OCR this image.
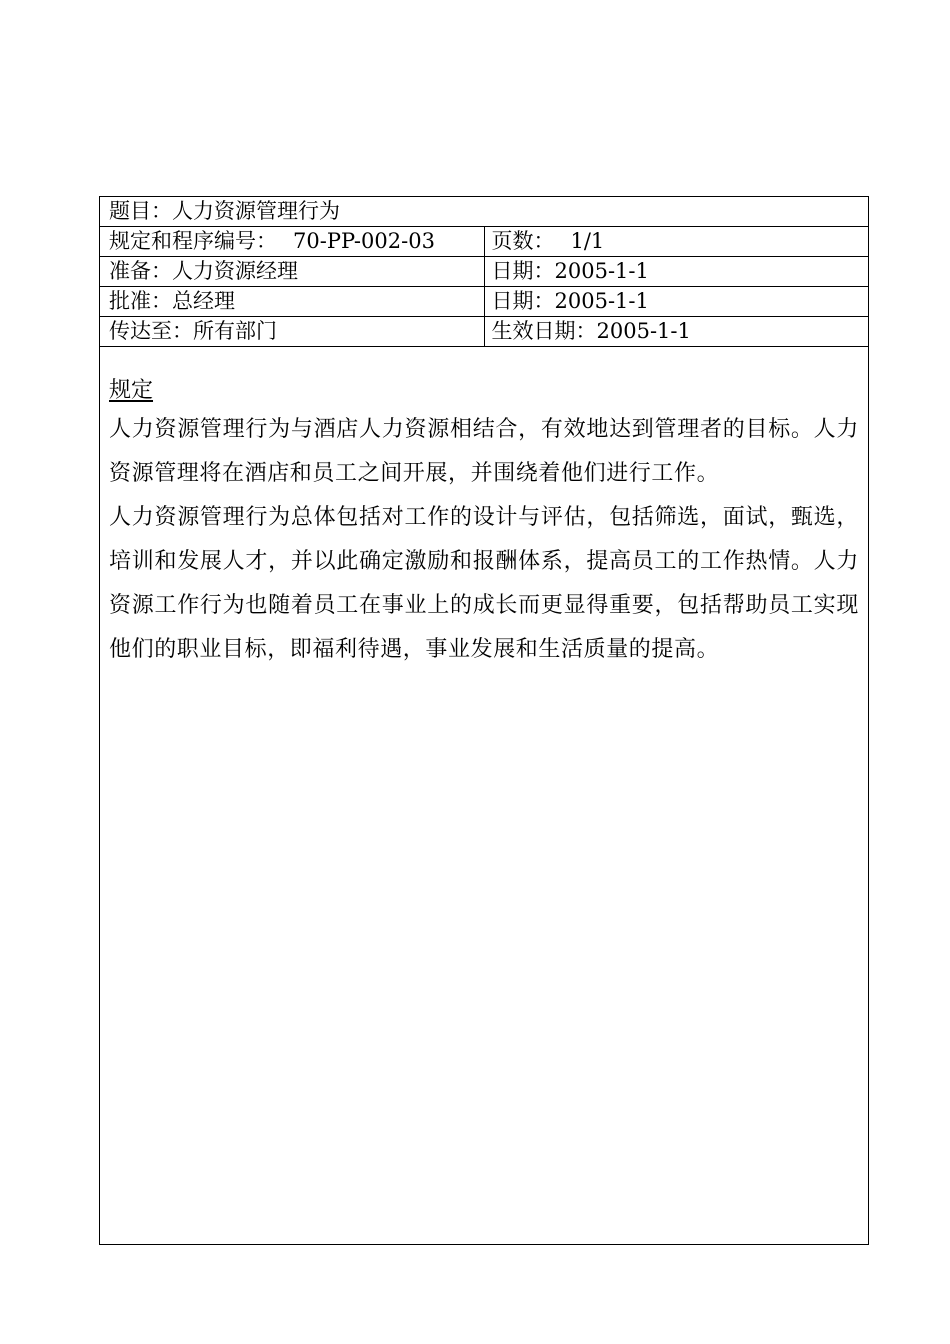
题目：人力资源管理行为	
规定和程序编号： 70-PP-002-03	页数： 1/1
准备：人力资源经理	日期：2005-1-1
批准：总经理	日期：2005-1-1
传达至：所有部门	生效日期：2005-1-1
规定

人力资源管理行为与酒店人力资源相结合，有效地达到管理者的目标。人力资源管理将在酒店和员工之间开展，并围绕着他们进行工作。

人力资源管理行为总体包括对工作的设计与评估，包括筛选，面试，甄选，培训和发展人才，并以此确定激励和报酬体系，提高员工的工作热情。人力资源工作行为也随着员工在事业上的成长而更显得重要，包括帮助员工实现他们的职业目标，即福利待遇，事业发展和生活质量的提高。
